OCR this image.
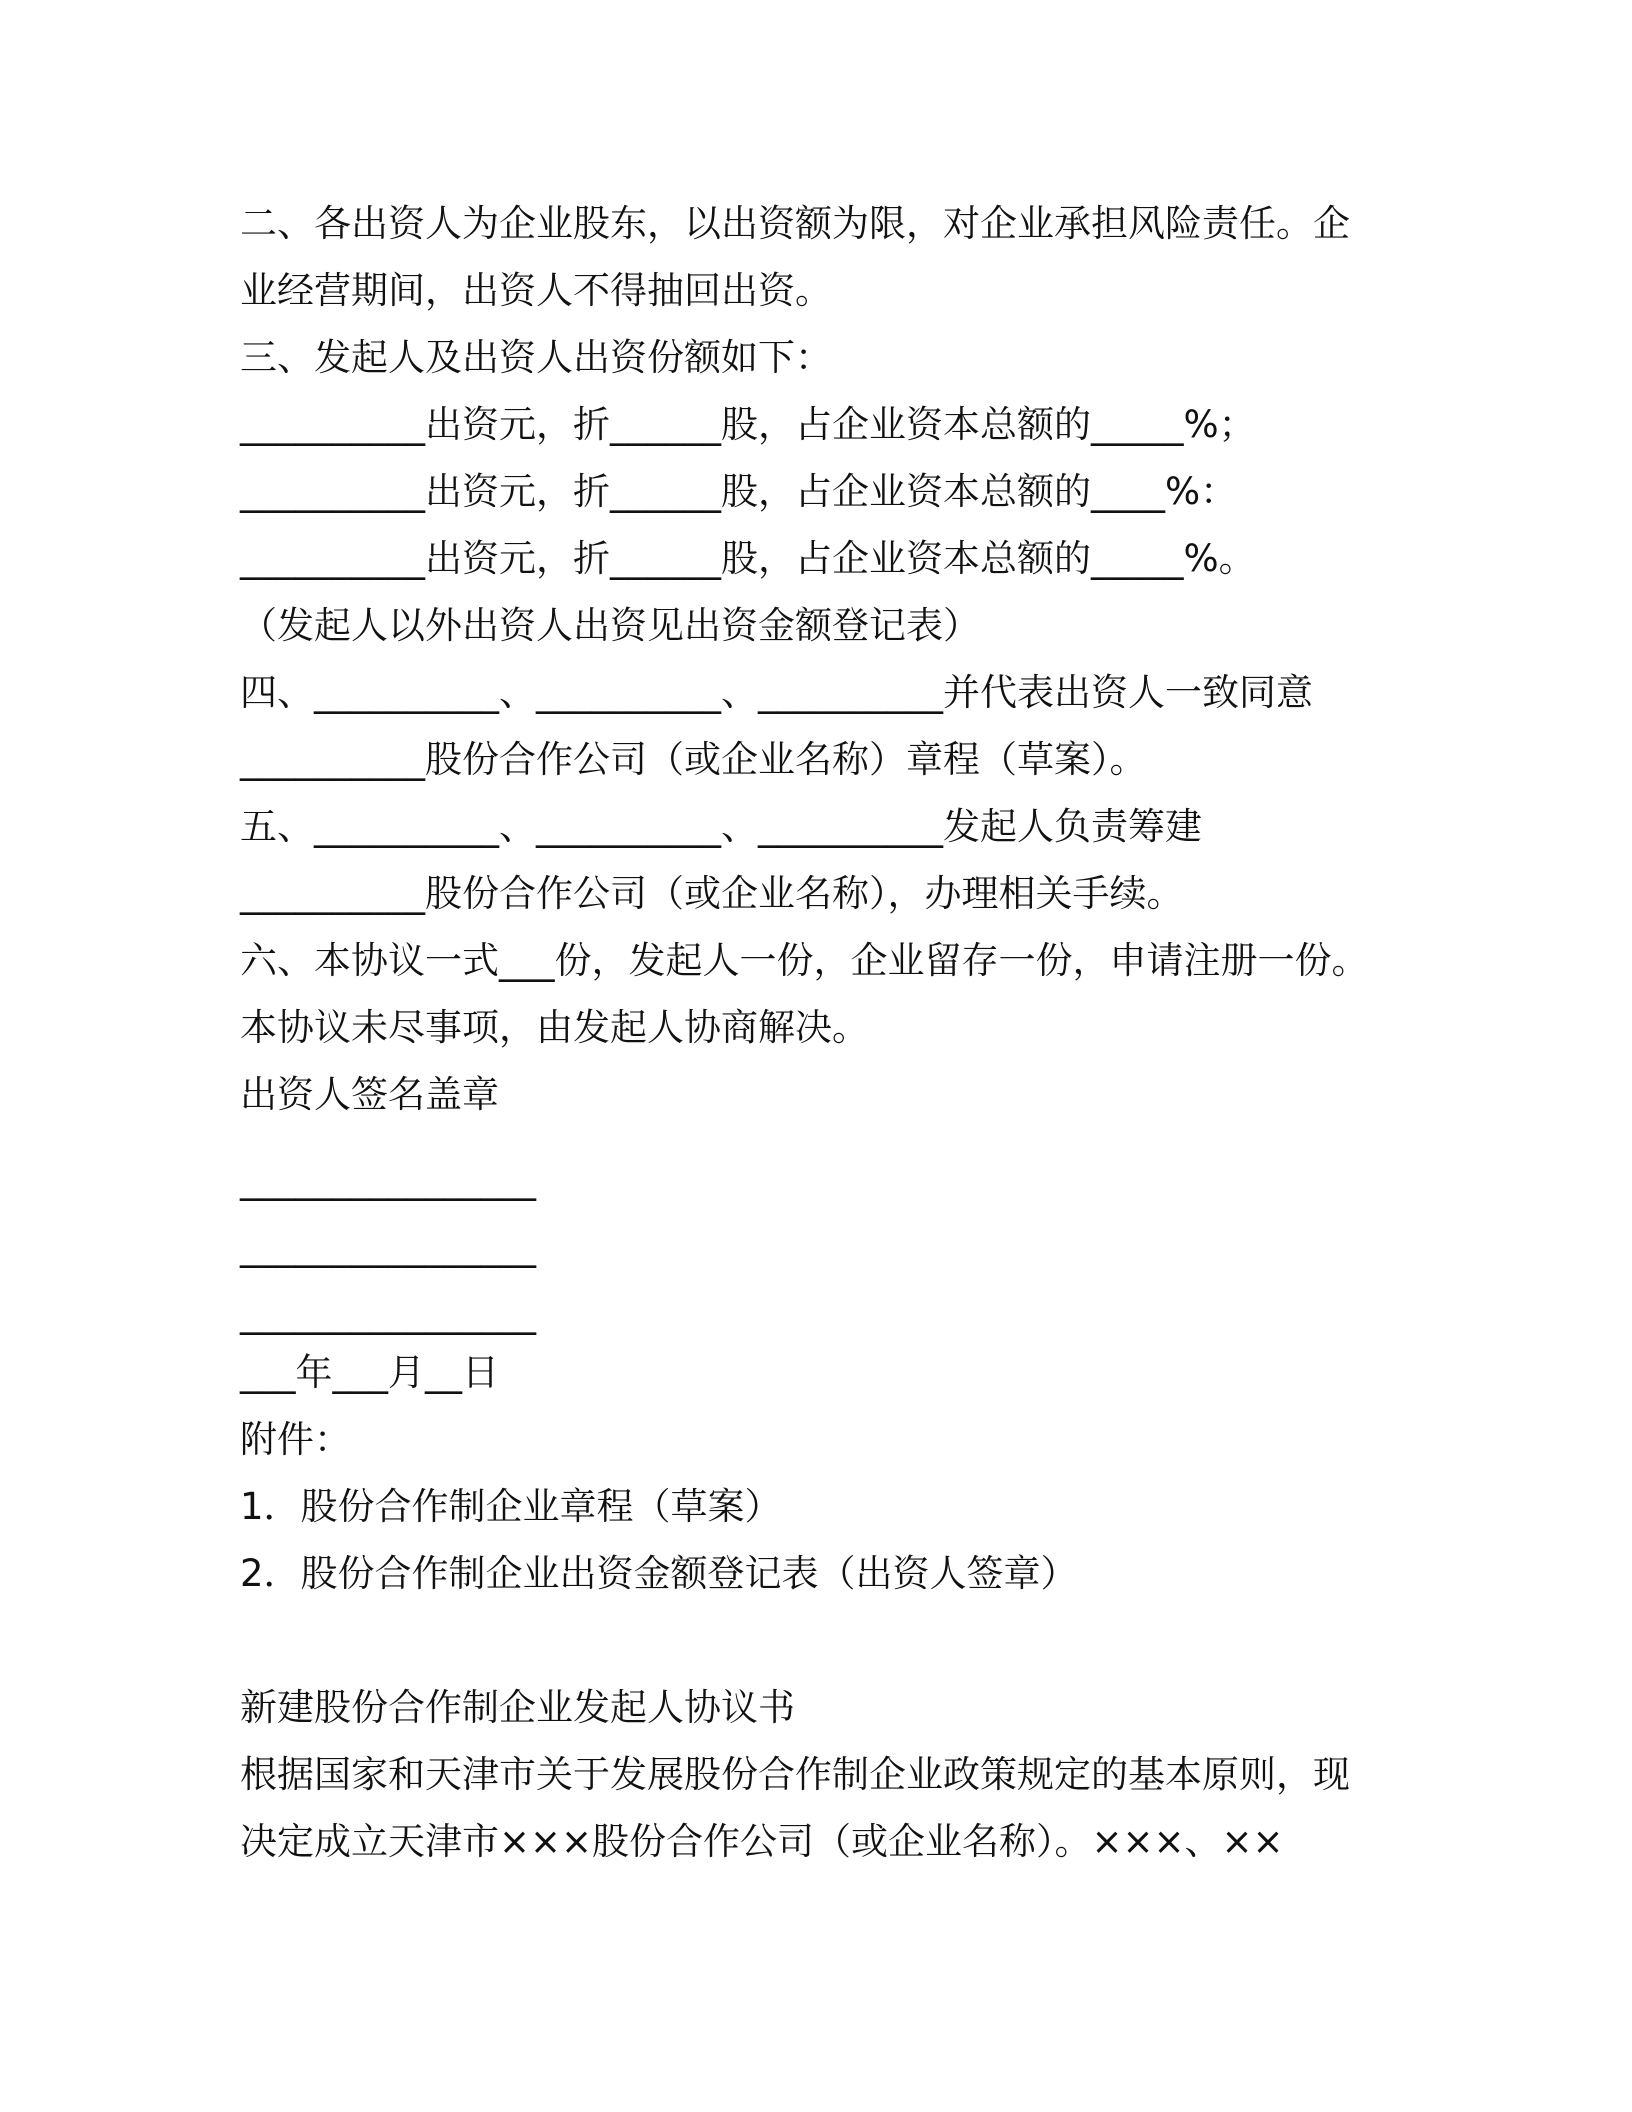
二、各出资人为企业股东，以出资额为限，对企业承担风险责任。企
业经营期间，出资人不得抽回出资。
三、发起人及出资人出资份额如下：
__________出资元，折______股，占企业资本总额的_____%；
__________出资元，折______股，占企业资本总额的____%：
__________出资元，折______股，占企业资本总额的_____%。
（发起人以外出资人出资见出资金额登记表）
四、__________、__________、__________并代表出资人一致同意
__________股份合作公司（或企业名称）章程（草案）。
五、__________、__________、__________发起人负责筹建
__________股份合作公司（或企业名称），办理相关手续。
六、本协议一式___份，发起人一份，企业留存一份，申请注册一份。
本协议未尽事项，由发起人协商解决。
出资人签名盖章
________________
________________
________________
___年___月__日
附件：
1．股份合作制企业章程（草案）
2．股份合作制企业出资金额登记表（出资人签章）
新建股份合作制企业发起人协议书
根据国家和天津市关于发展股份合作制企业政策规定的基本原则，现
决定成立天津市×××股份合作公司（或企业名称）。×××、××
